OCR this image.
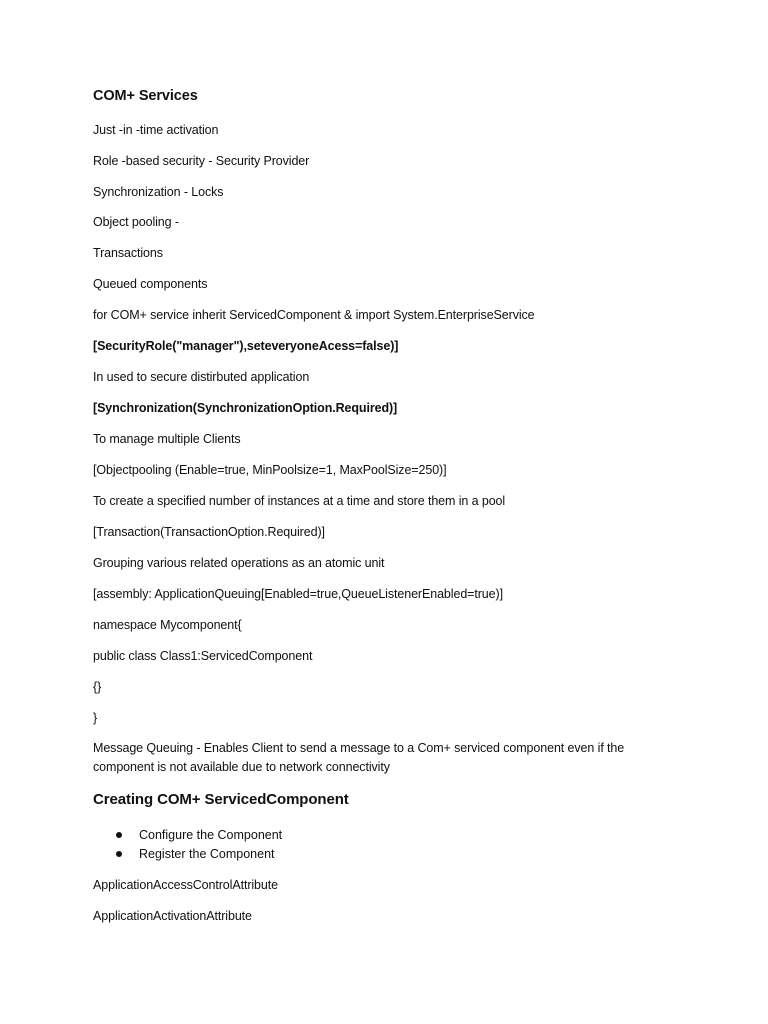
COM+ Services
Just -in -time activation
Role -based security - Security Provider
Synchronization - Locks
Object pooling -
Transactions
Queued components
for COM+ service inherit ServicedComponent & import System.EnterpriseService
[SecurityRole("manager"),seteveryoneAcess=false)]
In used to secure distirbuted application
[Synchronization(SynchronizationOption.Required)]
To manage multiple Clients
[Objectpooling (Enable=true, MinPoolsize=1, MaxPoolSize=250)]
To create a specified number of instances at a time and store them in a pool
[Transaction(TransactionOption.Required)]
Grouping various related operations as an atomic unit
[assembly: ApplicationQueuing[Enabled=true,QueueListenerEnabled=true)]
namespace Mycomponent{
public class Class1:ServicedComponent
{}
}
Message Queuing - Enables Client to send a message to a Com+ serviced component even if the component is not available due to network connectivity
Creating COM+ ServicedComponent
Configure the Component
Register the Component
ApplicationAccessControlAttribute
ApplicationActivationAttribute
